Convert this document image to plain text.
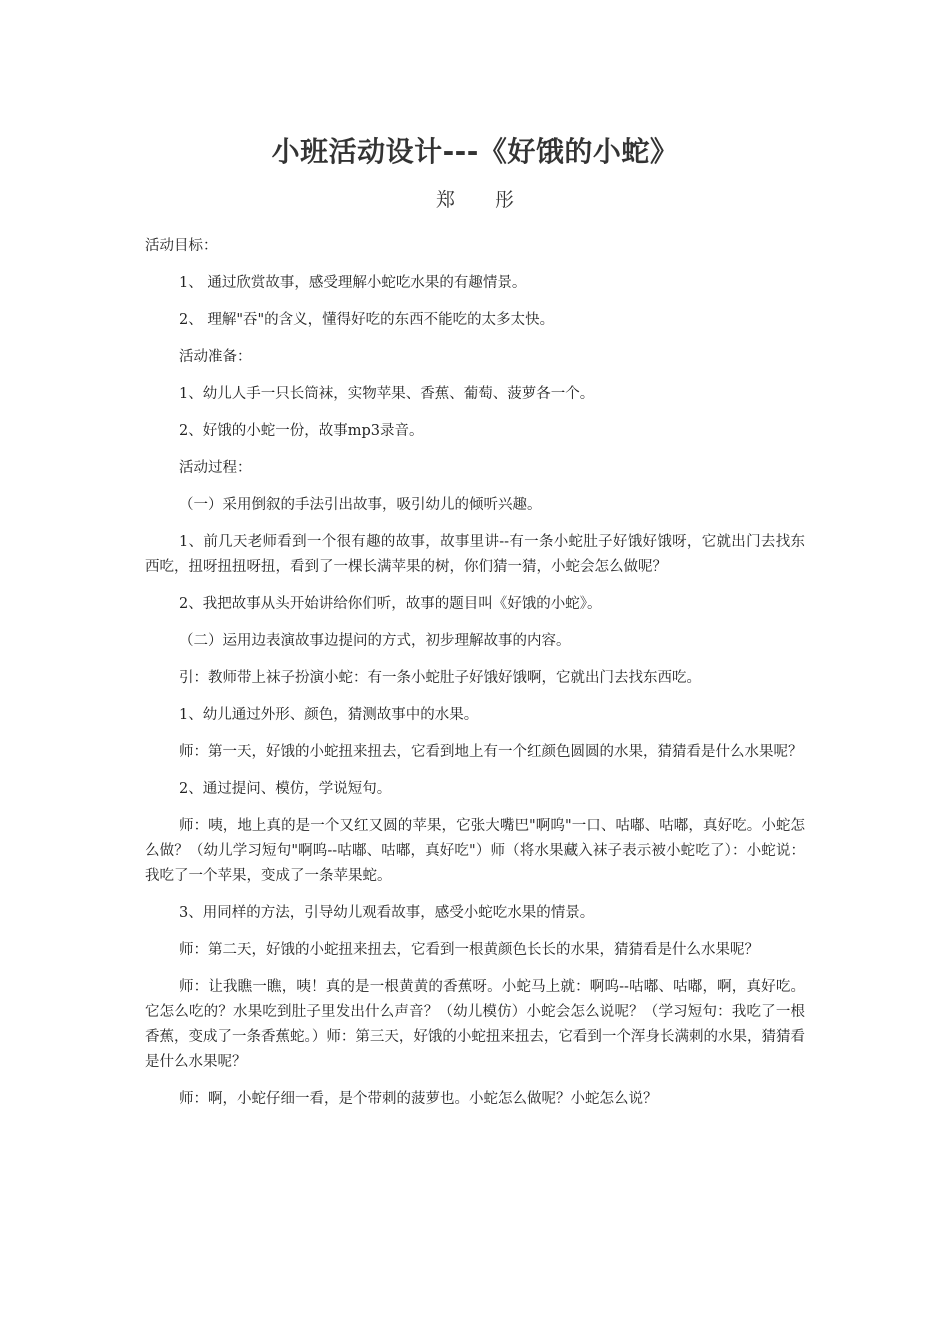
小班活动设计---《好饿的小蛇》
郑 彤

活动目标：

1、 通过欣赏故事，感受理解小蛇吃水果的有趣情景。

2、 理解"吞"的含义，懂得好吃的东西不能吃的太多太快。

活动准备：

1、幼儿人手一只长筒袜，实物苹果、香蕉、葡萄、菠萝各一个。

2、好饿的小蛇一份，故事mp3录音。

活动过程：

（一）采用倒叙的手法引出故事，吸引幼儿的倾听兴趣。

1、前几天老师看到一个很有趣的故事，故事里讲--有一条小蛇肚子好饿好饿呀，它就出门去找东西吃，扭呀扭扭呀扭，看到了一棵长满苹果的树，你们猜一猜，小蛇会怎么做呢？

2、我把故事从头开始讲给你们听，故事的题目叫《好饿的小蛇》。

（二）运用边表演故事边提问的方式，初步理解故事的内容。

引：教师带上袜子扮演小蛇：有一条小蛇肚子好饿好饿啊，它就出门去找东西吃。

1、幼儿通过外形、颜色，猜测故事中的水果。

师：第一天，好饿的小蛇扭来扭去，它看到地上有一个红颜色圆圆的水果，猜猜看是什么水果呢？

2、通过提问、模仿，学说短句。

师：咦，地上真的是一个又红又圆的苹果，它张大嘴巴"啊呜"一口、咕嘟、咕嘟，真好吃。小蛇怎么做？（幼儿学习短句"啊呜--咕嘟、咕嘟，真好吃"）师（将水果藏入袜子表示被小蛇吃了）：小蛇说：我吃了一个苹果，变成了一条苹果蛇。

3、用同样的方法，引导幼儿观看故事，感受小蛇吃水果的情景。

师：第二天，好饿的小蛇扭来扭去，它看到一根黄颜色长长的水果，猜猜看是什么水果呢？

师：让我瞧一瞧，咦！真的是一根黄黄的香蕉呀。小蛇马上就：啊呜--咕嘟、咕嘟，啊，真好吃。它怎么吃的？水果吃到肚子里发出什么声音？（幼儿模仿）小蛇会怎么说呢？（学习短句：我吃了一根香蕉，变成了一条香蕉蛇。）师：第三天，好饿的小蛇扭来扭去，它看到一个浑身长满刺的水果，猜猜看是什么水果呢？

师：啊，小蛇仔细一看，是个带刺的菠萝也。小蛇怎么做呢？小蛇怎么说？
